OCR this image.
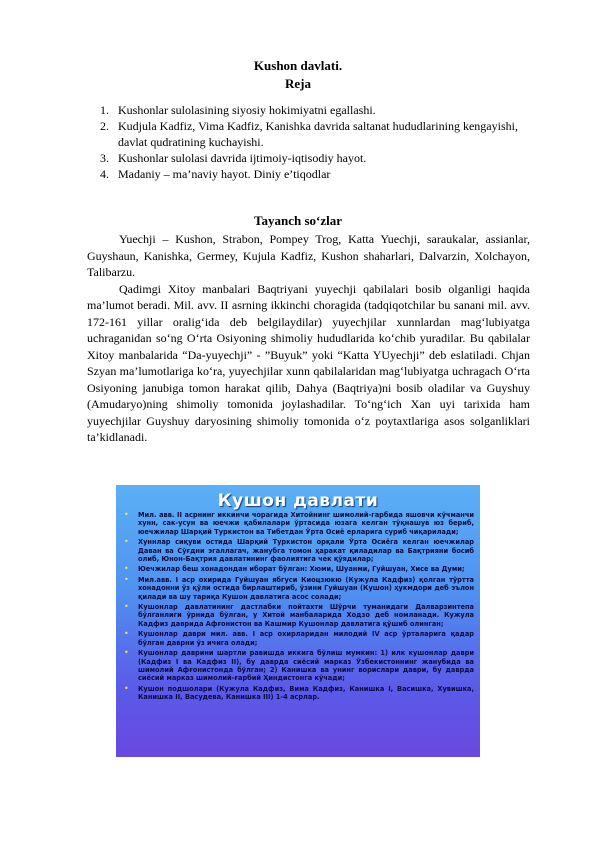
Kushon davlati.
Reja
1. Kushonlar sulolasining siyosiy hokimiyatni egallashi.
2. Kudjula Kadfiz, Vima Kadfiz, Kanishka davrida saltanat hududlarining kengayishi, davlat qudratining kuchayishi.
3. Kushonlar sulolasi davrida ijtimoiy-iqtisodiy hayot.
4. Madaniy – ma’naviy hayot. Diniy e’tiqodlar
Tayanch so‘zlar

Yuechji – Kushon, Strabon, Pompey Trog, Katta Yuechji, saraukalar, assianlar, Guyshaun, Kanishka, Germey, Kujula Kadfiz, Kushon shaharlari, Dalvarzin, Xolchayon, Talibarzu.

Qadimgi Xitoy manbalari Baqtriyani yuyechji qabilalari bosib olganligi haqida ma’lumot beradi. Mil. avv. II asrning ikkinchi choragida (tadqiqotchilar bu sanani mil. avv. 172-161 yillar oralig‘ida deb belgilaydilar) yuyechjilar xunnlardan mag‘lubiyatga uchraganidan so‘ng O‘rta Osiyoning shimoliy hududlarida ko‘chib yuradilar. Bu qabilalar Xitoy manbalarida “Da-yuyechji” - ”Buyuk” yoki “Katta YUyechji” deb eslatiladi. Chjan Szyan ma’lumotlariga ko‘ra, yuyechjilar xunn qabilalaridan mag‘lubiyatga uchragach O‘rta Osiyoning janubiga tomon harakat qilib, Dahya (Baqtriya)ni bosib oladilar va Guyshuy (Amudaryo)ning shimoliy tomonida joylashadilar. To‘ng‘ich Xan uyi tarixida ham yuyechjilar Guyshuy daryosining shimoliy tomonida o‘z poytaxtlariga asos solganliklari ta’kidlanadi.

Кушон давлати
•	Мил. авв. II асрнинг иккинчи чорагида Хитойнинг шимолий-гарбида яшовчи кўчманчи хунн, сак-усун ва юечжи қабилалари ўртасида юзага келган тўқнашув юз бериб, юечжилар Шарқий Туркистон ва Тибетдан Ўрта Осиё ерларига суриб чиқарилади;
•	Хуннлар сиқуви остида Шарқий Туркистон орқали Ўрта Осиёга келган юечжилар Даван ва Сўғдни эгаллагач, жанубга томон ҳаракат қиладилар ва Бақтрияни босиб олиб, Юнон-Бақтрия давлатининг фаолиятига чек қўядилар;
•	Юечжилар беш хонадондан иборат бўлган: Хюми, Шуанми, Гуйшуан, Хисе ва Думи;
•	Мил.авв. I аср охирида Гуйшуан ябгуси Киоцзюкю (Кужула Кадфиз) қолган тўртта хонадонни ўз қўли остида бирлаштириб, ўзини Гуйшуан (Кушон) ҳукмдори деб эълон қилади ва шу тариқа Кушон давлатига асос солади;
•	Кушонлар давлатининг дастлабки пойтахти Шўрчи туманидаги Далварзинтепа бўлганлиги ўрнида бўлган, у Хитой манбаларида Ходзо деб номланади. Кужула Кадфиз даврида Афғонистон ва Кашмир Кушонлар давлатига қўшиб олинган;
•	Кушонлар даври мил. авв. I аср охирларидан милодий IV аср ўрталарига қадар бўлган даврни ўз ичига олади;
•	Кушонлар даврини шартли равишда иккига бўлиш мумкин: 1) илк кушонлар даври (Кадфиз I ва Кадфиз II), бу даврда сиёсий марказ Ўзбекистоннинг жанубида ва шимолий Афғонистонда бўлган; 2) Канишка ва унинг ворислари даври, бу даврда сиёсий марказ шимолий-ғарбий Ҳиндистонга кўчади;
•	Кушон подшолари (Кужула Кадфиз, Вима Кадфиз, Канишка I, Васишка, Хувишка, Канишка II, Васудева, Канишка III) 1-4 асрлар.
